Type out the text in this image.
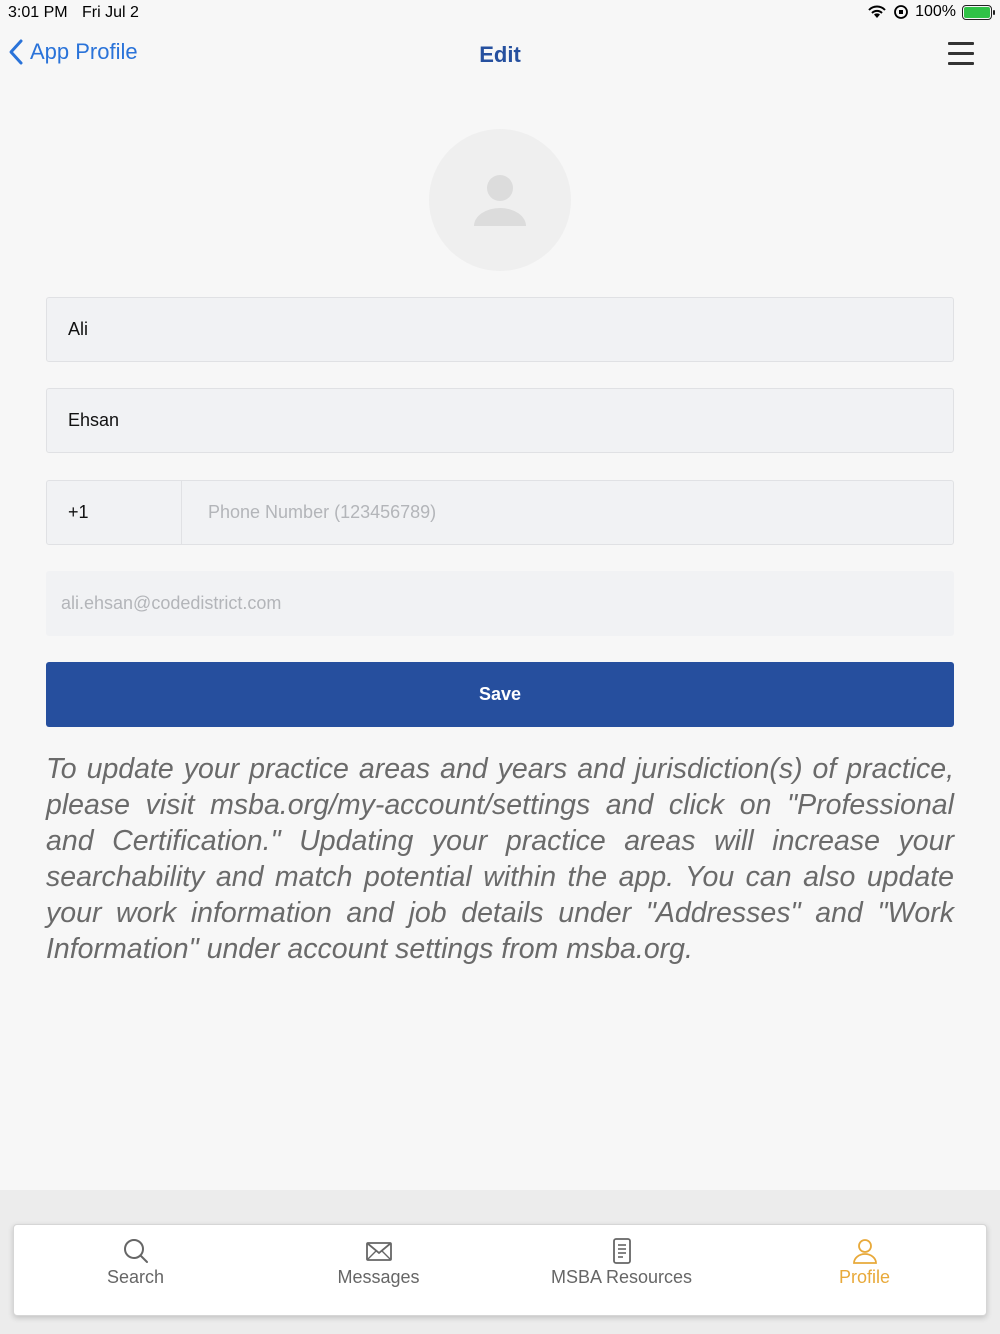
3:01 PM Fri Jul 2	100%
App Profile	Edit
Ali
Ehsan
+1	Phone Number (123456789)
ali.ehsan@codedistrict.com
Save

To update your practice areas and years and jurisdiction(s) of practice, please visit msba.org/my-account/settings and click on "Professional and Certification." Updating your practice areas will increase your searchability and match potential within the app. You can also update your work information and job details under "Addresses" and "Work Information" under account settings from msba.org.

Search	Messages	MSBA Resources	Profile
